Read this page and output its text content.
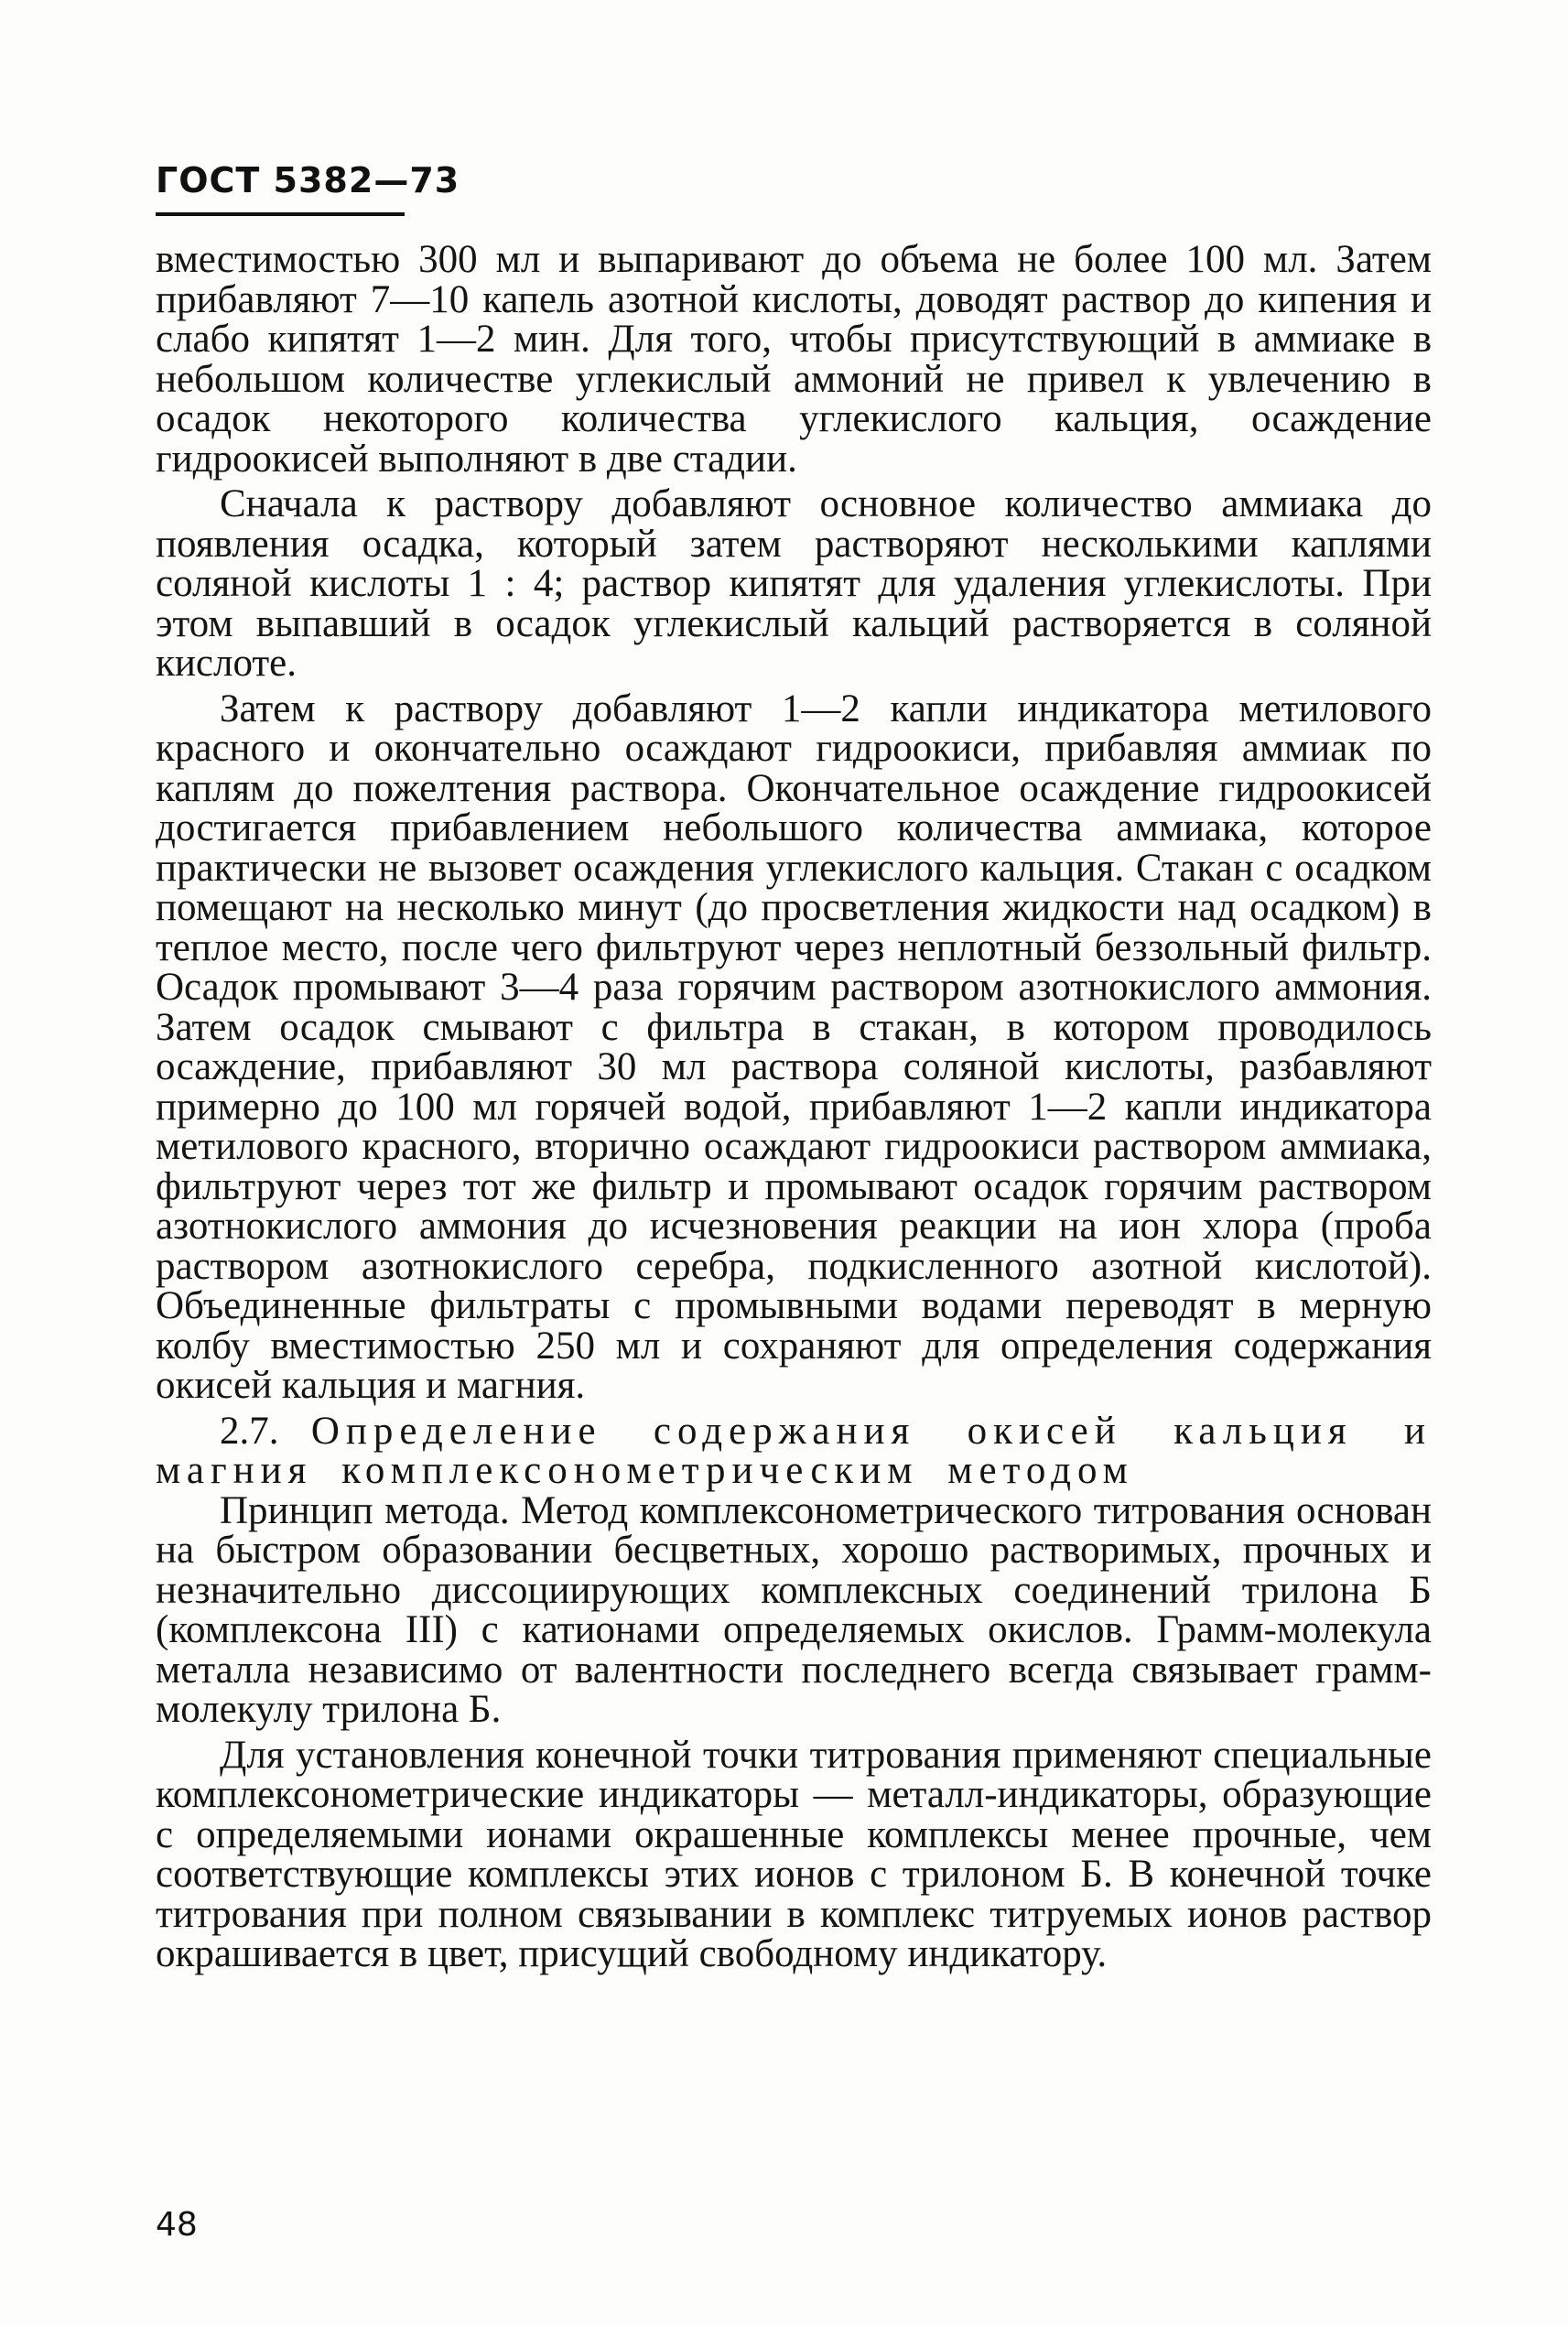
ГОСТ 5382—73

вместимостью 300 мл и выпаривают до объема не более 100 мл. Затем прибавляют 7—10 капель азотной кислоты, доводят раствор до кипения и слабо кипятят 1—2 мин. Для того, чтобы присутствующий в аммиаке в небольшом количестве углекислый аммоний не привел к увлечению в осадок некоторого количества углекислого кальция, осаждение гидроокисей выполняют в две стадии.

Сначала к раствору добавляют основное количество аммиака до появления осадка, который затем растворяют несколькими каплями соляной кислоты 1 : 4; раствор кипятят для удаления углекислоты. При этом выпавший в осадок углекислый кальций растворяется в соляной кислоте.

Затем к раствору добавляют 1—2 капли индикатора метилового красного и окончательно осаждают гидроокиси, прибавляя аммиак по каплям до пожелтения раствора. Окончательное осаждение гидроокисей достигается прибавлением небольшого количества аммиака, которое практически не вызовет осаждения углекислого кальция. Стакан с осадком помещают на несколько минут (до просветления жидкости над осадком) в теплое место, после чего фильтруют через неплотный беззольный фильтр. Осадок промывают 3—4 раза горячим раствором азотнокислого аммония. Затем осадок смывают с фильтра в стакан, в котором проводилось осаждение, прибавляют 30 мл раствора соляной кислоты, разбавляют примерно до 100 мл горячей водой, прибавляют 1—2 капли индикатора метилового красного, вторично осаждают гидроокиси раствором аммиака, фильтруют через тот же фильтр и промывают осадок горячим раствором азотнокислого аммония до исчезновения реакции на ион хлора (проба раствором азотнокислого серебра, подкисленного азотной кислотой). Объединенные фильтраты с промывными водами переводят в мерную колбу вместимостью 250 мл и сохраняют для определения содержания окисей кальция и магния.

2.7. Определение содержания окисей кальция и магния комплексонометрическим методом

Принцип метода. Метод комплексонометрического титрования основан на быстром образовании бесцветных, хорошо растворимых, прочных и незначительно диссоциирующих комплексных соединений трилона Б (комплексона III) с катионами определяемых окислов. Грамм-молекула металла независимо от валентности последнего всегда связывает грамм-молекулу трилона Б.

Для установления конечной точки титрования применяют специальные комплексонометрические индикаторы — металл-индикаторы, образующие с определяемыми ионами окрашенные комплексы менее прочные, чем соответствующие комплексы этих ионов с трилоном Б. В конечной точке титрования при полном связывании в комплекс титруемых ионов раствор окрашивается в цвет, присущий свободному индикатору.

48
